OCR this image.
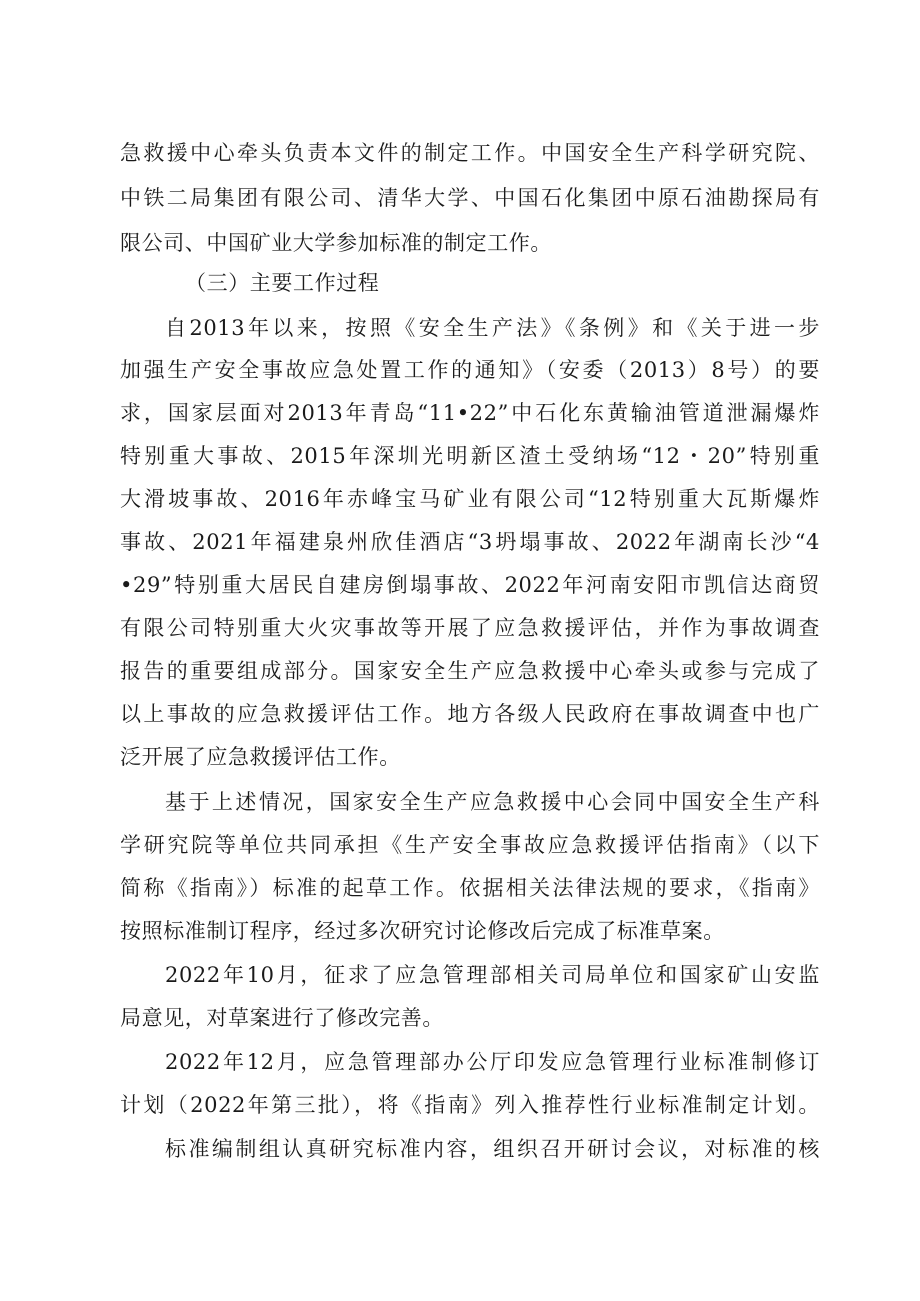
急救援中心牵头负责本文件的制定工作。中国安全生产科学研究院、
中铁二局集团有限公司、清华大学、中国石化集团中原石油勘探局有
限公司、中国矿业大学参加标准的制定工作。
（三）主要工作过程
自2013年以来，按照《安全生产法》《条例》和《关于进一步
加强生产安全事故应急处置工作的通知》（安委（2013）8号）的要
求，国家层面对2013年青岛“11•22”中石化东黄输油管道泄漏爆炸
特别重大事故、2015年深圳光明新区渣土受纳场“12・20”特别重
大滑坡事故、2016年赤峰宝马矿业有限公司“12特别重大瓦斯爆炸
事故、2021年福建泉州欣佳酒店“3坍塌事故、2022年湖南长沙“4
•29”特别重大居民自建房倒塌事故、2022年河南安阳市凯信达商贸
有限公司特别重大火灾事故等开展了应急救援评估，并作为事故调查
报告的重要组成部分。国家安全生产应急救援中心牵头或参与完成了
以上事故的应急救援评估工作。地方各级人民政府在事故调查中也广
泛开展了应急救援评估工作。
基于上述情况，国家安全生产应急救援中心会同中国安全生产科
学研究院等单位共同承担《生产安全事故应急救援评估指南》（以下
简称《指南》）标准的起草工作。依据相关法律法规的要求，《指南》
按照标准制订程序，经过多次研究讨论修改后完成了标准草案。
2022年10月，征求了应急管理部相关司局单位和国家矿山安监
局意见，对草案进行了修改完善。
2022年12月，应急管理部办公厅印发应急管理行业标准制修订
计划（2022年第三批），将《指南》列入推荐性行业标准制定计划。
标准编制组认真研究标准内容，组织召开研讨会议，对标准的核
